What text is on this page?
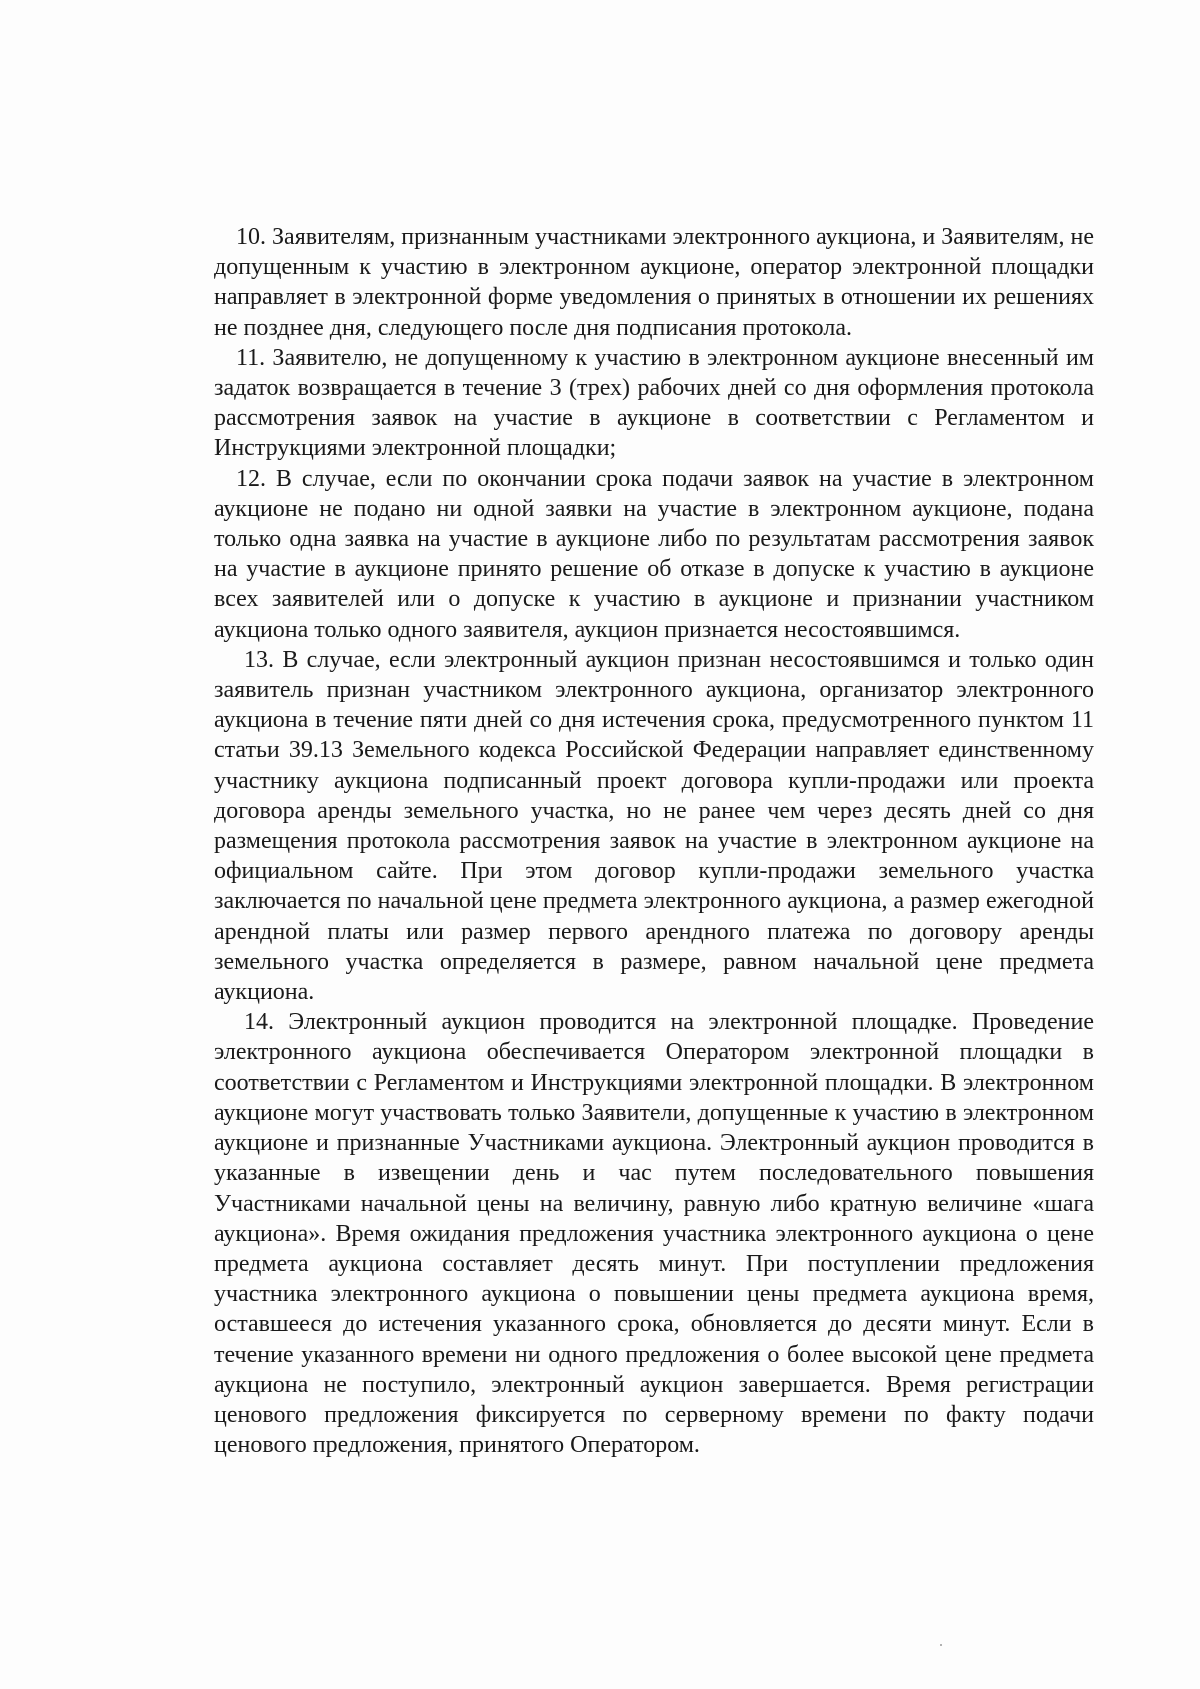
10. Заявителям, признанным участниками электронного аукциона, и Заявителям, не допущенным к участию в электронном аукционе, оператор электронной площадки направляет в электронной форме уведомления о принятых в отношении их решениях не позднее дня, следующего после дня подписания протокола.

11. Заявителю, не допущенному к участию в электронном аукционе внесенный им задаток возвращается в течение 3 (трех) рабочих дней со дня оформления протокола рассмотрения заявок на участие в аукционе в соответствии с Регламентом и Инструкциями электронной площадки;

12. В случае, если по окончании срока подачи заявок на участие в электронном аукционе не подано ни одной заявки на участие в электронном аукционе, подана только одна заявка на участие в аукционе либо по результатам рассмотрения заявок на участие в аукционе принято решение об отказе в допуске к участию в аукционе всех заявителей или о допуске к участию в аукционе и признании участником аукциона только одного заявителя, аукцион признается несостоявшимся.

13. В случае, если электронный аукцион признан несостоявшимся и только один заявитель признан участником электронного аукциона, организатор электронного аукциона в течение пяти дней со дня истечения срока, предусмотренного пунктом 11 статьи 39.13 Земельного кодекса Российской Федерации направляет единственному участнику аукциона подписанный проект договора купли-продажи или проекта договора аренды земельного участка, но не ранее чем через десять дней со дня размещения протокола рассмотрения заявок на участие в электронном аукционе на официальном сайте. При этом договор купли-продажи земельного участка заключается по начальной цене предмета электронного аукциона, а размер ежегодной арендной платы или размер первого арендного платежа по договору аренды земельного участка определяется в размере, равном начальной цене предмета аукциона.

14. Электронный аукцион проводится на электронной площадке. Проведение электронного аукциона обеспечивается Оператором электронной площадки в соответствии с Регламентом и Инструкциями электронной площадки. В электронном аукционе могут участвовать только Заявители, допущенные к участию в электронном аукционе и признанные Участниками аукциона. Электронный аукцион проводится в указанные в извещении день и час путем последовательного повышения Участниками начальной цены на величину, равную либо кратную величине «шага аукциона». Время ожидания предложения участника электронного аукциона о цене предмета аукциона составляет десять минут. При поступлении предложения участника электронного аукциона о повышении цены предмета аукциона время, оставшееся до истечения указанного срока, обновляется до десяти минут. Если в течение указанного времени ни одного предложения о более высокой цене предмета аукциона не поступило, электронный аукцион завершается. Время регистрации ценового предложения фиксируется по серверному времени по факту подачи ценового предложения, принятого Оператором.
